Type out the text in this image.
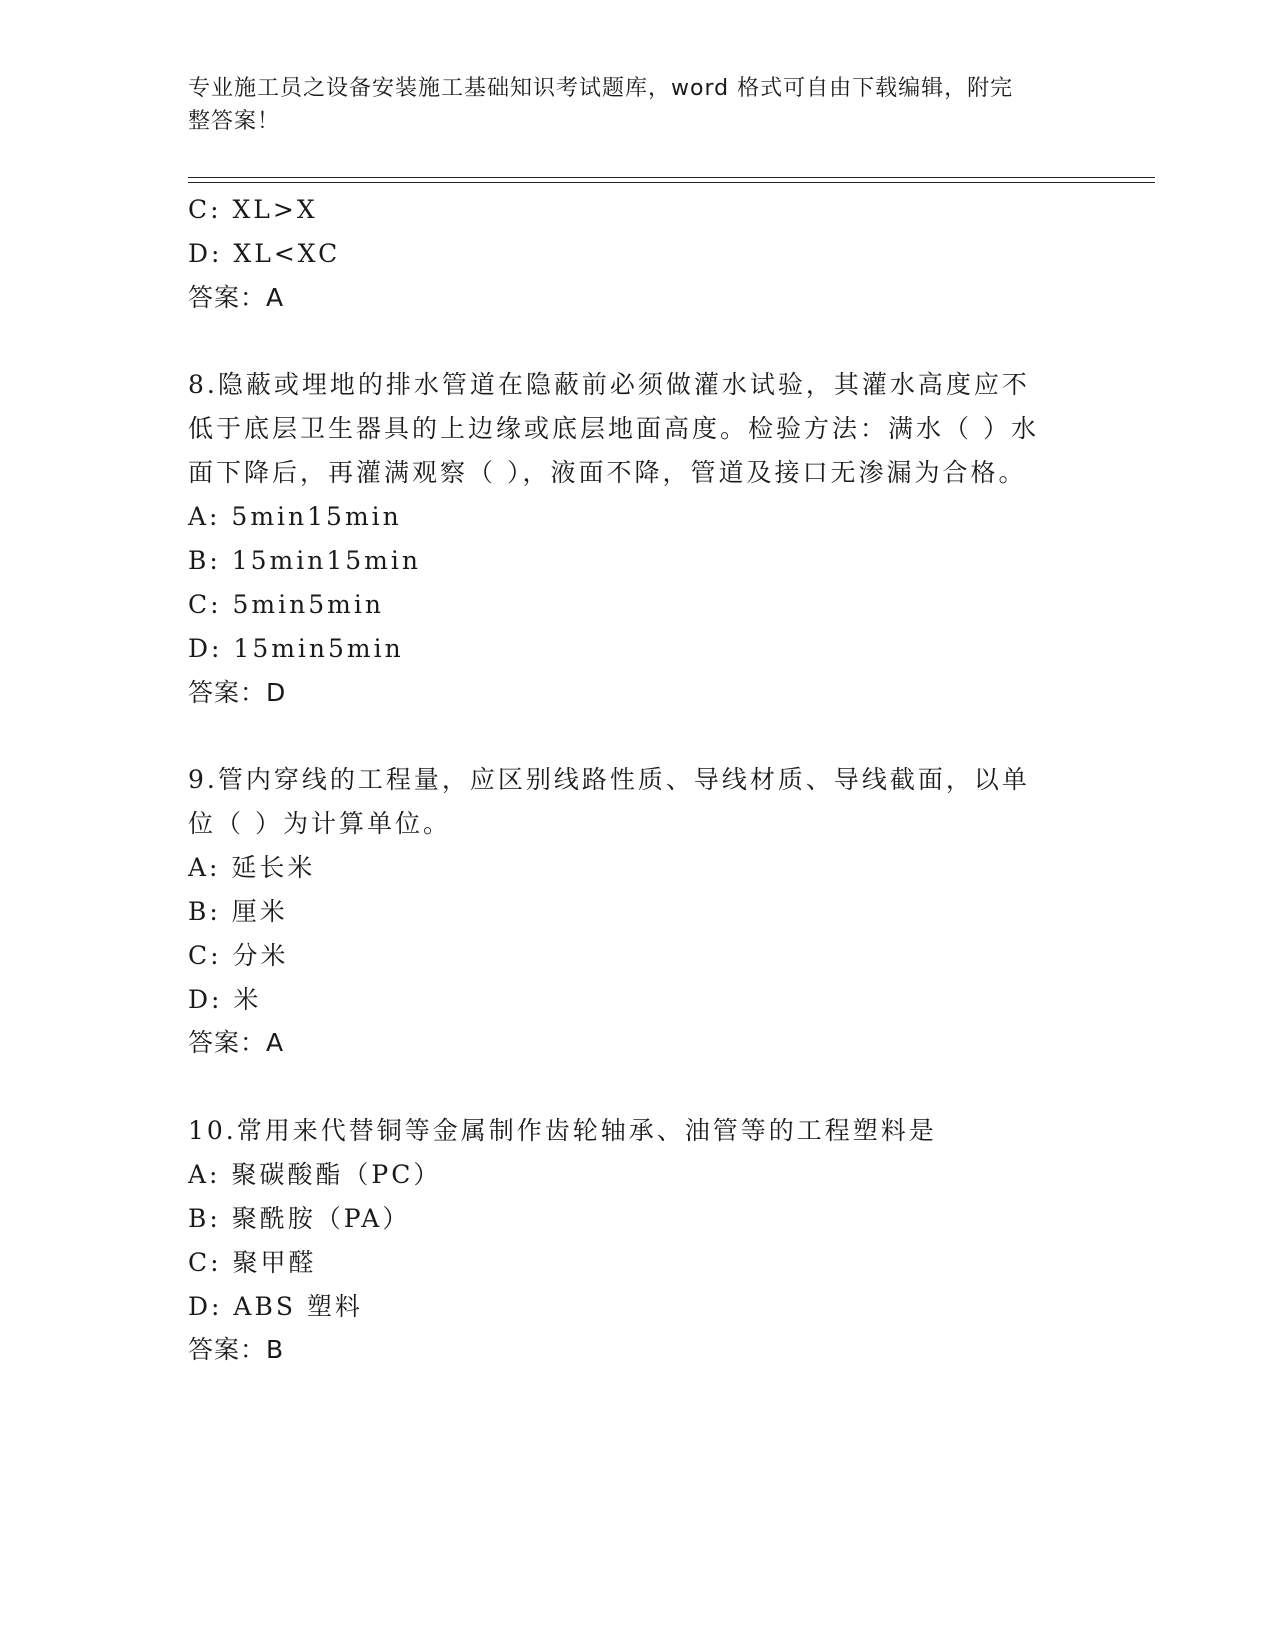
专业施工员之设备安装施工基础知识考试题库，word 格式可自由下载编辑，附完
整答案！
C: XL>X
D: XL<XC
答案：A
8.隐蔽或埋地的排水管道在隐蔽前必须做灌水试验，其灌水高度应不
低于底层卫生器具的上边缘或底层地面高度。检验方法：满水（ ）水
面下降后，再灌满观察（ ），液面不降，管道及接口无渗漏为合格。
A: 5min15min
B: 15min15min
C: 5min5min
D: 15min5min
答案：D
9.管内穿线的工程量，应区别线路性质、导线材质、导线截面，以单
位（ ）为计算单位。
A: 延长米
B: 厘米
C: 分米
D: 米
答案：A
10.常用来代替铜等金属制作齿轮轴承、油管等的工程塑料是
A: 聚碳酸酯（PC）
B: 聚酰胺（PA）
C: 聚甲醛
D: ABS 塑料
答案：B
